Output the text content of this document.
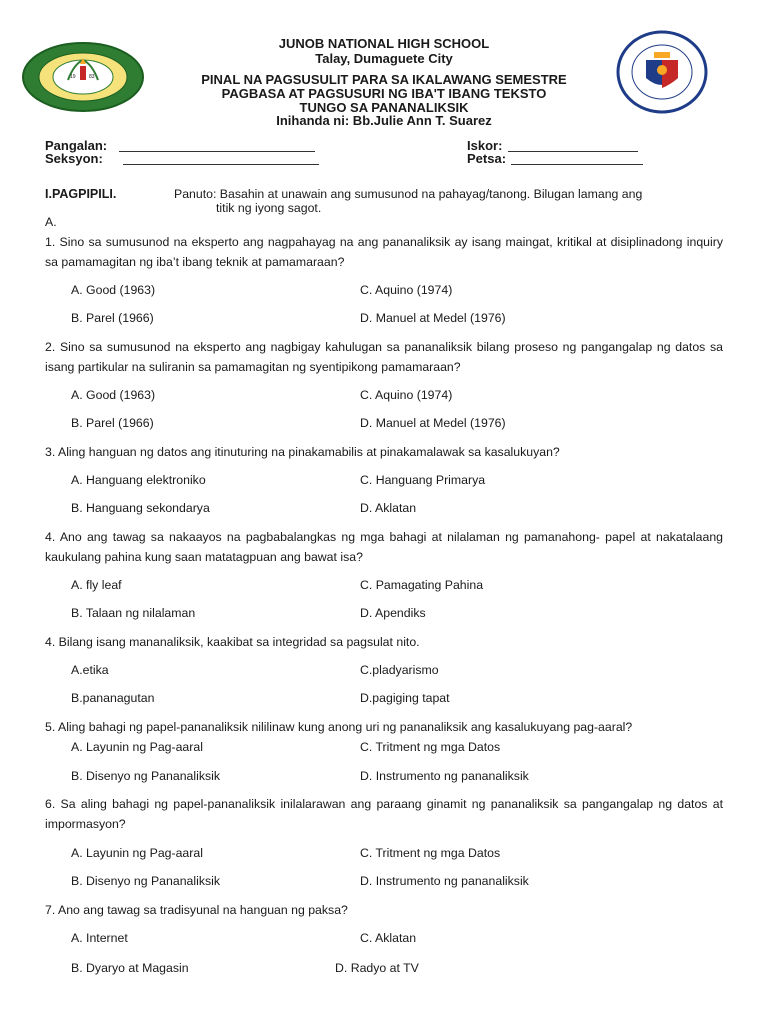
19	83
JUNOB NATIONAL HIGH SCHOOL
Talay, Dumaguete City
PINAL NA PAGSUSULIT PARA SA IKALAWANG SEMESTRE
PAGBASA AT PAGSUSURI NG IBA'T IBANG TEKSTO
TUNGO SA PANANALIKSIK
Inihanda ni: Bb.Julie Ann T. Suarez
Pangalan:
Seksyon:
Iskor:
Petsa:
I.PAGPIPILI.	Panuto: Basahin at unawain ang sumusunod na pahayag/tanong. Bilugan lamang ang
titik ng iyong sagot.
A.
1. Sino sa sumusunod na eksperto ang nagpahayag na ang pananaliksik ay isang maingat, kritikal at disiplinadong inquiry sa pamamagitan ng iba’t ibang teknik at pamamaraan?
A. Good (1963)	C. Aquino (1974)
B. Parel (1966)	D. Manuel at Medel (1976)
2. Sino sa sumusunod na eksperto ang nagbigay kahulugan sa pananaliksik bilang proseso ng pangangalap ng datos sa isang partikular na suliranin sa pamamagitan ng syentipikong pamamaraan?
A. Good (1963)	C. Aquino (1974)
B. Parel (1966)	D. Manuel at Medel (1976)
3. Aling hanguan ng datos ang itinuturing na pinakamabilis at pinakamalawak sa kasalukuyan?
A. Hanguang elektroniko	C. Hanguang Primarya
B. Hanguang sekondarya	D. Aklatan
4. Ano ang tawag sa nakaayos na pagbabalangkas ng mga bahagi at nilalaman ng pamanahong- papel at nakatalaang kaukulang pahina kung saan matatagpuan ang bawat isa?
A. fly leaf	C. Pamagating Pahina
B. Talaan ng nilalaman	D. Apendiks
4. Bilang isang mananaliksik, kaakibat sa integridad sa pagsulat nito.
A.etika	C.pladyarismo
B.pananagutan	D.pagiging tapat
5. Aling bahagi ng papel-pananaliksik nililinaw kung anong uri ng pananaliksik ang kasalukuyang pag-aaral?
A. Layunin ng Pag-aaral	C. Tritment ng mga Datos
B. Disenyo ng Pananaliksik	D. Instrumento ng pananaliksik
6. Sa aling bahagi ng papel-pananaliksik inilalarawan ang paraang ginamit ng pananaliksik sa pangangalap ng datos at impormasyon?
A. Layunin ng Pag-aaral	C. Tritment ng mga Datos
B. Disenyo ng Pananaliksik	D. Instrumento ng pananaliksik
7. Ano ang tawag sa tradisyunal na hanguan ng paksa?
A. Internet	C. Aklatan
B. Dyaryo at Magasin	D. Radyo at TV
